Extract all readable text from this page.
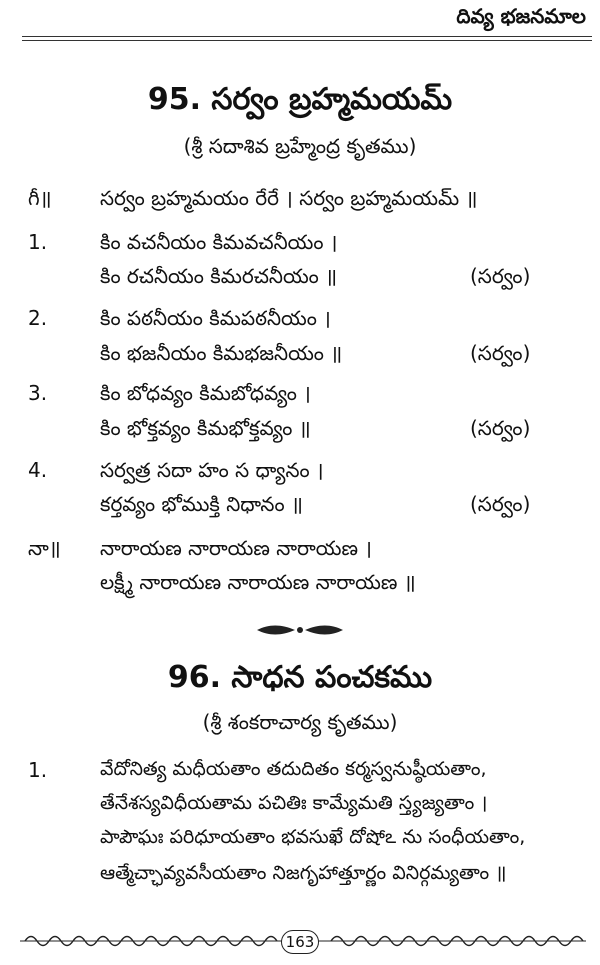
దివ్య భజనమాల
95. సర్వం బ్రహ్మమయమ్
(శ్రీ సదాశివ బ్రహ్మేంద్ర కృతము)
గీ॥ సర్వం బ్రహ్మమయం రేరే । సర్వం బ్రహ్మమయమ్ ॥
1.	కిం వచనీయం కిమవచనీయం ।
కిం రచనీయం కిమరచనీయం ॥	(సర్వం)
2.	కిం పఠనీయం కిమపఠనీయం ।
కిం భజనీయం కిమభజనీయం ॥	(సర్వం)
3.	కిం బోధవ్యం కిమబోధవ్యం ।
కిం భోక్తవ్యం కిమభోక్తవ్యం ॥	(సర్వం)
4.	సర్వత్ర సదా హం స ధ్యానం ।
కర్తవ్యం భోముక్తి నిధానం ॥	(సర్వం)
నా॥ నారాయణ నారాయణ నారాయణ ।
లక్ష్మీ నారాయణ నారాయణ నారాయణ ॥
96. సాధన పంచకము
(శ్రీ శంకరాచార్య కృతము)
1.	వేదోనిత్య మధీయతాం తదుదితం కర్మస్వనుష్ఠీయతాం,
తేనేశస్యవిధీయతామ పచితిః కామ్యేమతి స్త్యజ్యతాం ।
పాపౌఘః పరిధూయతాం భవసుఖే దోషోఽ ను సంధీయతాం,
ఆత్మేచ్ఛావ్యవసీయతాం నిజగృహాత్తూర్ణం వినిర్గమ్యతాం ॥
163
